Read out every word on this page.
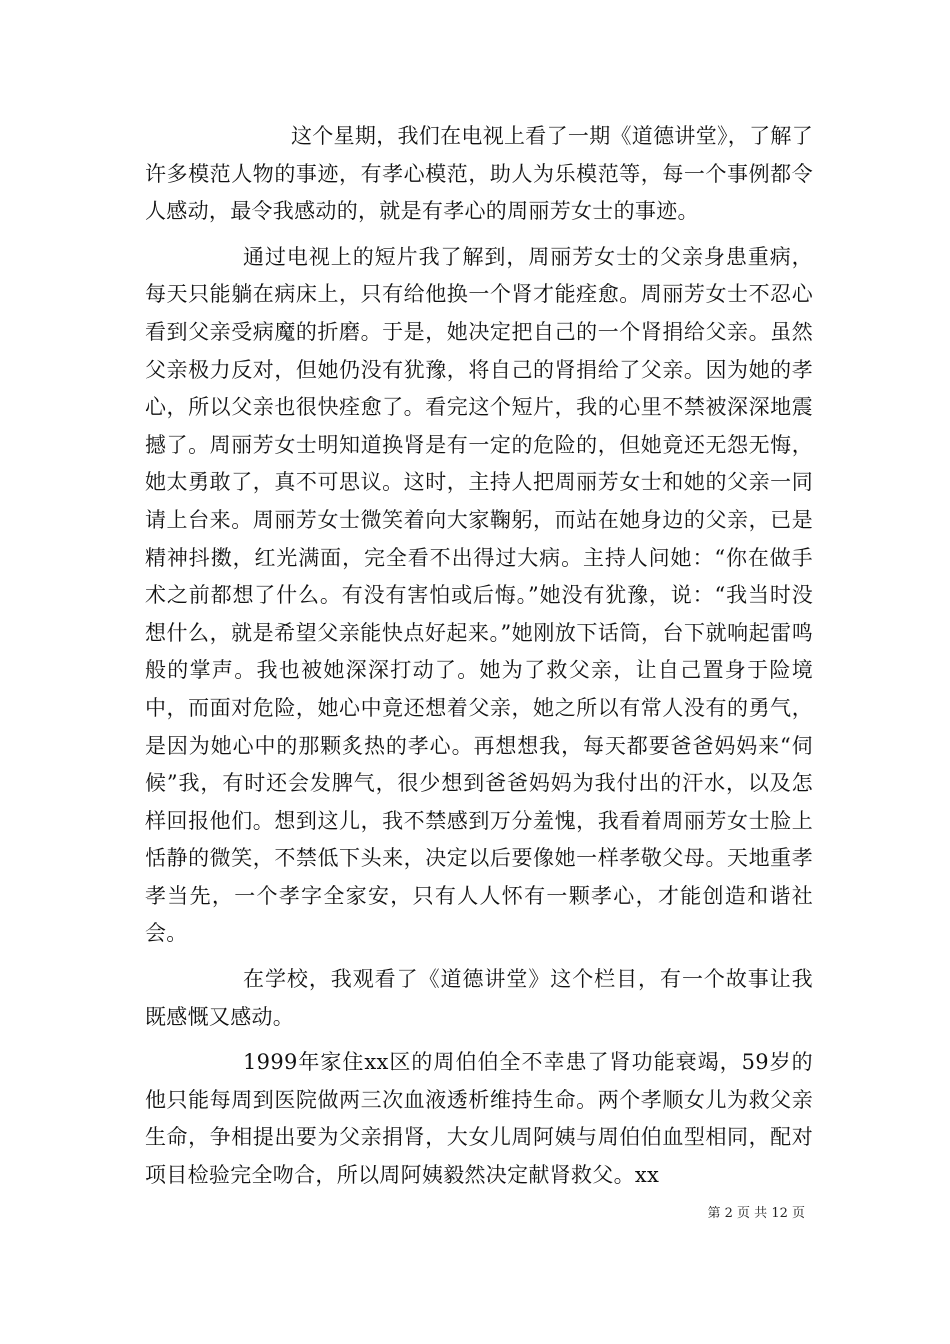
这个星期，我们在电视上看了一期《道德讲堂》，了解了许多模范人物的事迹，有孝心模范，助人为乐模范等，每一个事例都令人感动，最令我感动的，就是有孝心的周丽芳女士的事迹。

通过电视上的短片我了解到，周丽芳女士的父亲身患重病，每天只能躺在病床上，只有给他换一个肾才能痊愈。周丽芳女士不忍心看到父亲受病魔的折磨。于是，她决定把自己的一个肾捐给父亲。虽然父亲极力反对，但她仍没有犹豫，将自己的肾捐给了父亲。因为她的孝心，所以父亲也很快痊愈了。看完这个短片，我的心里不禁被深深地震撼了。周丽芳女士明知道换肾是有一定的危险的，但她竟还无怨无悔，她太勇敢了，真不可思议。这时，主持人把周丽芳女士和她的父亲一同请上台来。周丽芳女士微笑着向大家鞠躬，而站在她身边的父亲，已是精神抖擞，红光满面，完全看不出得过大病。主持人问她：“你在做手术之前都想了什么。有没有害怕或后悔。”她没有犹豫，说：“我当时没想什么，就是希望父亲能快点好起来。”她刚放下话筒，台下就响起雷鸣般的掌声。我也被她深深打动了。她为了救父亲，让自己置身于险境中，而面对危险，她心中竟还想着父亲，她之所以有常人没有的勇气，是因为她心中的那颗炙热的孝心。再想想我，每天都要爸爸妈妈来“伺候”我，有时还会发脾气，很少想到爸爸妈妈为我付出的汗水，以及怎样回报他们。想到这儿，我不禁感到万分羞愧，我看着周丽芳女士脸上恬静的微笑，不禁低下头来，决定以后要像她一样孝敬父母。天地重孝孝当先，一个孝字全家安，只有人人怀有一颗孝心，才能创造和谐社会。

在学校，我观看了《道德讲堂》这个栏目，有一个故事让我既感慨又感动。

1999年家住xx区的周伯伯全不幸患了肾功能衰竭，59岁的他只能每周到医院做两三次血液透析维持生命。两个孝顺女儿为救父亲生命，争相提出要为父亲捐肾，大女儿周阿姨与周伯伯血型相同，配对项目检验完全吻合，所以周阿姨毅然决定献肾救父。xx

第 2 页 共 12 页
